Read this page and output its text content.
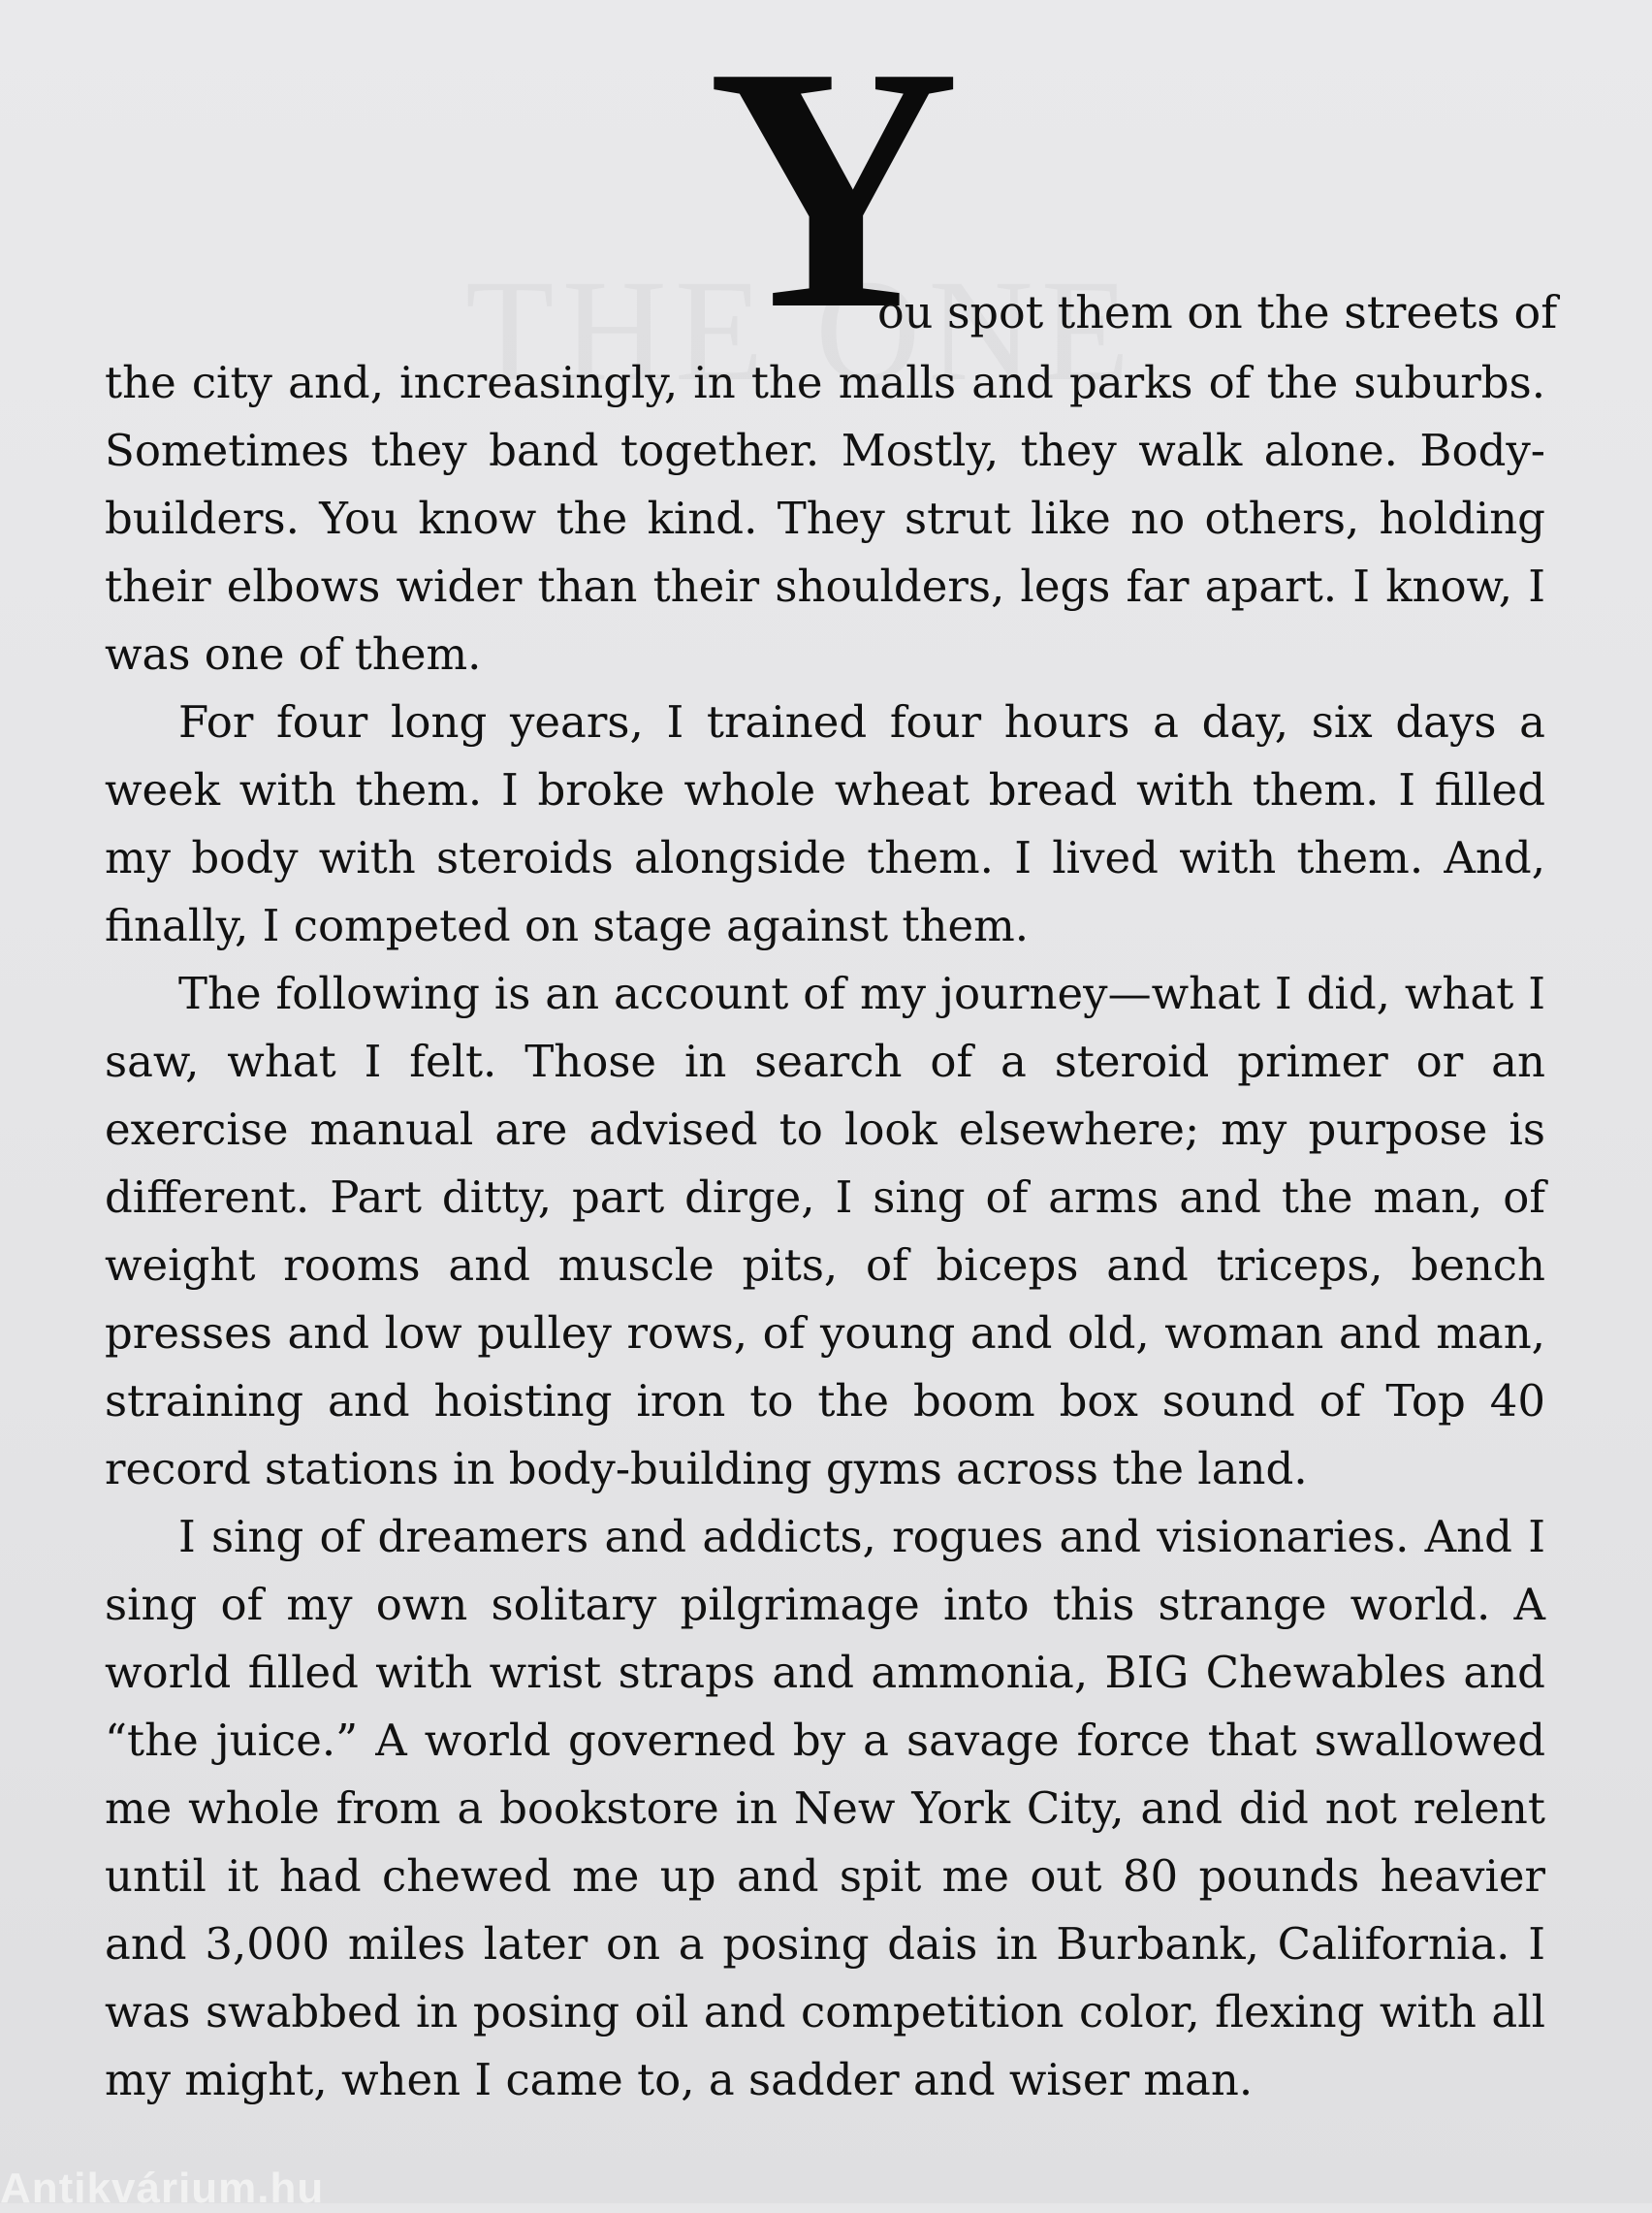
Y
ou spot them on the streets of

the city and, increasingly, in the malls and parks of the suburbs. Sometimes they band together. Mostly, they walk alone. Body-builders. You know the kind. They strut like no others, holding their elbows wider than their shoulders, legs far apart. I know, I was one of them.

For four long years, I trained four hours a day, six days a week with them. I broke whole wheat bread with them. I filled my body with steroids alongside them. I lived with them. And, finally, I competed on stage against them.

The following is an account of my journey—what I did, what I saw, what I felt. Those in search of a steroid primer or an exercise manual are advised to look elsewhere; my purpose is different. Part ditty, part dirge, I sing of arms and the man, of weight rooms and muscle pits, of biceps and triceps, bench presses and low pulley rows, of young and old, woman and man, straining and hoisting iron to the boom box sound of Top 40 record stations in body-building gyms across the land.

I sing of dreamers and addicts, rogues and visionaries. And I sing of my own solitary pilgrimage into this strange world. A world filled with wrist straps and ammonia, BIG Chewables and “the juice.” A world governed by a savage force that swallowed me whole from a bookstore in New York City, and did not relent until it had chewed me up and spit me out 80 pounds heavier and 3,000 miles later on a posing dais in Burbank, California. I was swabbed in posing oil and competition color, flexing with all my might, when I came to, a sadder and wiser man.

Antikvárium.hu
